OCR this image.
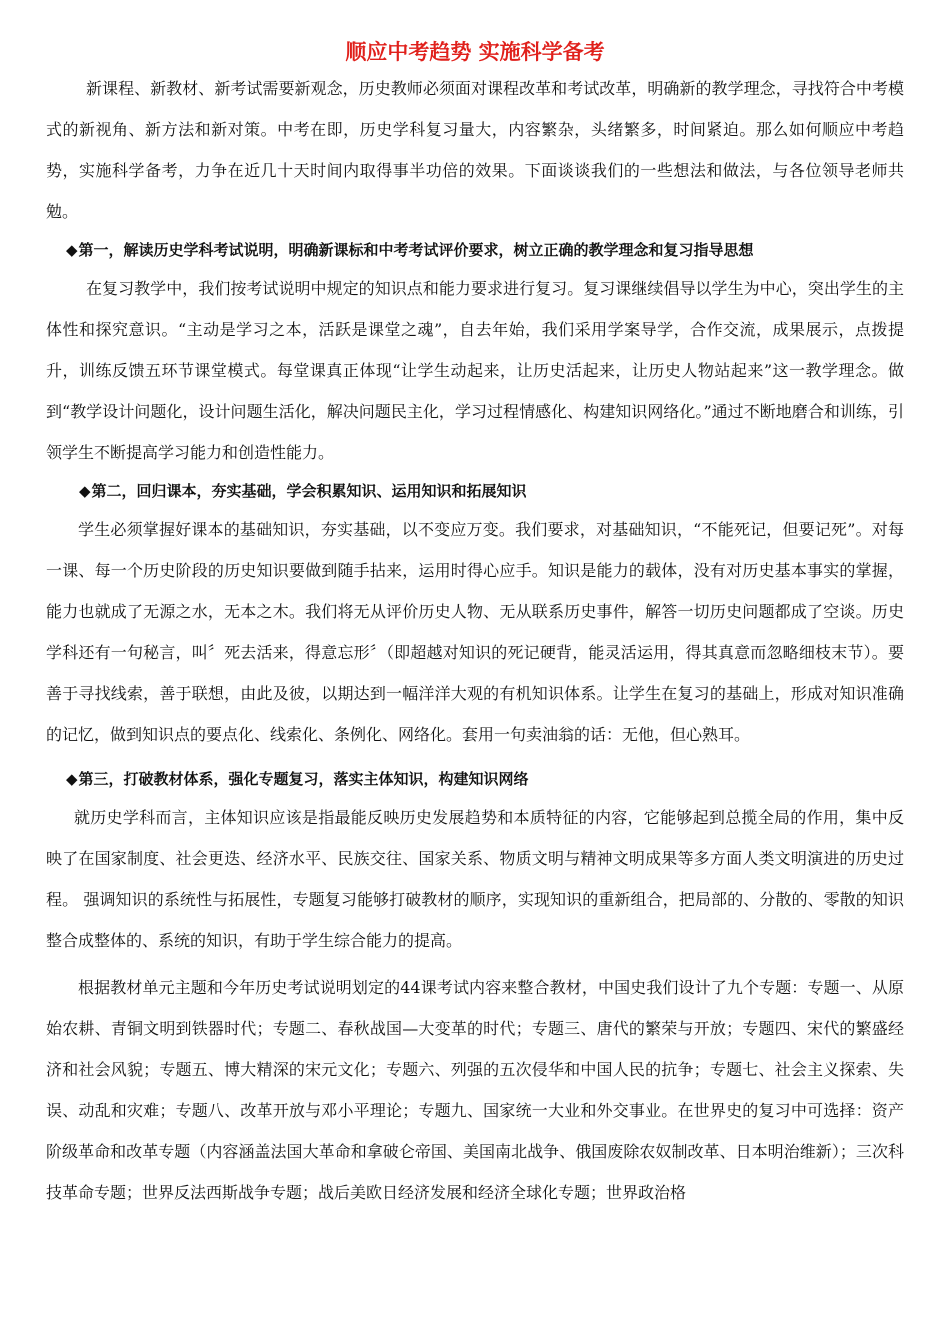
顺应中考趋势 实施科学备考

新课程、新教材、新考试需要新观念，历史教师必须面对课程改革和考试改革，明确新的教学理念，寻找符合中考模式的新视角、新方法和新对策。中考在即，历史学科复习量大，内容繁杂，头绪繁多，时间紧迫。那么如何顺应中考趋势，实施科学备考，力争在近几十天时间内取得事半功倍的效果。下面谈谈我们的一些想法和做法，与各位领导老师共勉。

◆第一，解读历史学科考试说明，明确新课标和中考考试评价要求，树立正确的教学理念和复习指导思想

在复习教学中，我们按考试说明中规定的知识点和能力要求进行复习。复习课继续倡导以学生为中心，突出学生的主体性和探究意识。“主动是学习之本，活跃是课堂之魂”，自去年始，我们采用学案导学，合作交流，成果展示，点拨提升，训练反馈五环节课堂模式。每堂课真正体现“让学生动起来，让历史活起来，让历史人物站起来”这一教学理念。做到“教学设计问题化，设计问题生活化，解决问题民主化，学习过程情感化、构建知识网络化。”通过不断地磨合和训练，引领学生不断提高学习能力和创造性能力。

◆第二，回归课本，夯实基础，学会积累知识、运用知识和拓展知识

学生必须掌握好课本的基础知识，夯实基础，以不变应万变。我们要求，对基础知识，“不能死记，但要记死”。对每一课、每一个历史阶段的历史知识要做到随手拈来，运用时得心应手。知识是能力的载体，没有对历史基本事实的掌握，能力也就成了无源之水，无本之木。我们将无从评价历史人物、无从联系历史事件，解答一切历史问题都成了空谈。历史学科还有一句秘言，叫〞死去活来，得意忘形〞（即超越对知识的死记硬背，能灵活运用，得其真意而忽略细枝末节）。要善于寻找线索，善于联想，由此及彼，以期达到一幅洋洋大观的有机知识体系。让学生在复习的基础上，形成对知识准确的记忆，做到知识点的要点化、线索化、条例化、网络化。套用一句卖油翁的话：无他，但心熟耳。

◆第三，打破教材体系，强化专题复习，落实主体知识，构建知识网络

就历史学科而言，主体知识应该是指最能反映历史发展趋势和本质特征的内容，它能够起到总揽全局的作用，集中反映了在国家制度、社会更迭、经济水平、民族交往、国家关系、物质文明与精神文明成果等多方面人类文明演进的历史过程。 强调知识的系统性与拓展性，专题复习能够打破教材的顺序，实现知识的重新组合，把局部的、分散的、零散的知识整合成整体的、系统的知识，有助于学生综合能力的提高。

根据教材单元主题和今年历史考试说明划定的44课考试内容来整合教材，中国史我们设计了九个专题：专题一、从原始农耕、青铜文明到铁器时代；专题二、春秋战国—大变革的时代；专题三、唐代的繁荣与开放；专题四、宋代的繁盛经济和社会风貌；专题五、博大精深的宋元文化；专题六、列强的五次侵华和中国人民的抗争；专题七、社会主义探索、失误、动乱和灾难；专题八、改革开放与邓小平理论；专题九、国家统一大业和外交事业。在世界史的复习中可选择：资产阶级革命和改革专题（内容涵盖法国大革命和拿破仑帝国、美国南北战争、俄国废除农奴制改革、日本明治维新）；三次科技革命专题；世界反法西斯战争专题；战后美欧日经济发展和经济全球化专题；世界政治格
